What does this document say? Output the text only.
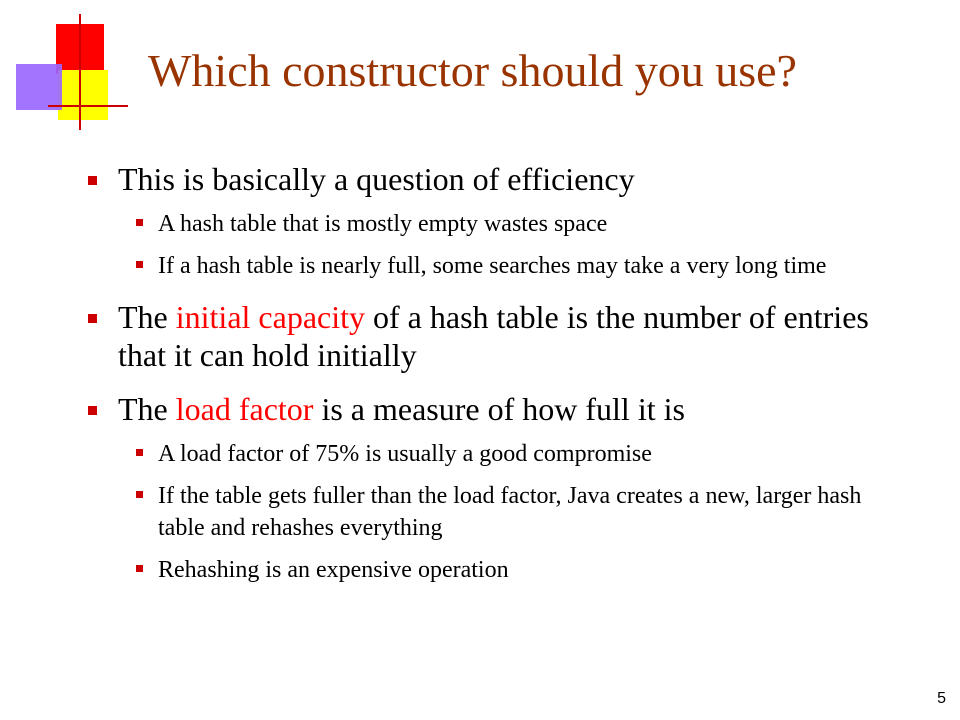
Which constructor should you use?
This is basically a question of efficiency
A hash table that is mostly empty wastes space
If a hash table is nearly full, some searches may take a very long time
The initial capacity of a hash table is the number of entries that it can hold initially
The load factor is a measure of how full it is
A load factor of 75% is usually a good compromise
If the table gets fuller than the load factor, Java creates a new, larger hash table and rehashes everything
Rehashing is an expensive operation
5
